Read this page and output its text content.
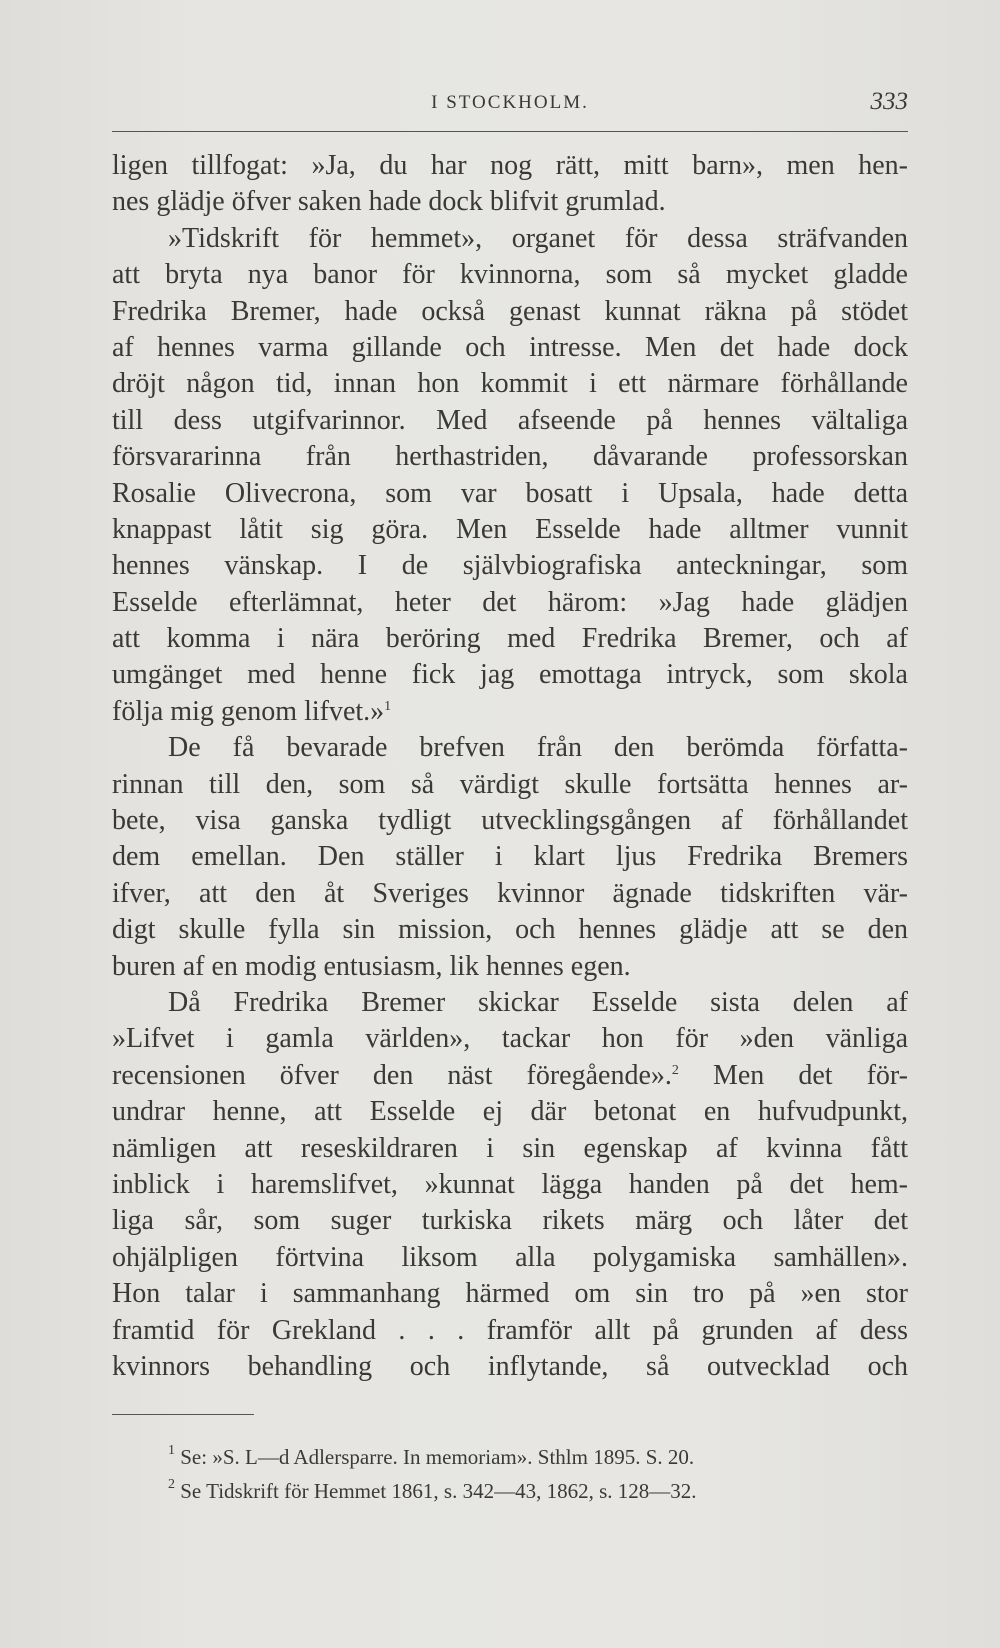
I STOCKHOLM.	333
ligen tillfogat: »Ja, du har nog rätt, mitt barn», men hen-
nes glädje öfver saken hade dock blifvit grumlad.
»Tidskrift för hemmet», organet för dessa sträfvanden
att bryta nya banor för kvinnorna, som så mycket gladde
Fredrika Bremer, hade också genast kunnat räkna på stödet
af hennes varma gillande och intresse. Men det hade dock
dröjt någon tid, innan hon kommit i ett närmare förhållande
till dess utgifvarinnor. Med afseende på hennes vältaliga
försvararinna från herthastriden, dåvarande professorskan
Rosalie Olivecrona, som var bosatt i Upsala, hade detta
knappast låtit sig göra. Men Esselde hade alltmer vunnit
hennes vänskap. I de självbiografiska anteckningar, som
Esselde efterlämnat, heter det härom: »Jag hade glädjen
att komma i nära beröring med Fredrika Bremer, och af
umgänget med henne fick jag emottaga intryck, som skola
följa mig genom lifvet.»$^1$
De få bevarade brefven från den berömda författa-
rinnan till den, som så värdigt skulle fortsätta hennes ar-
bete, visa ganska tydligt utvecklingsgången af förhållandet
dem emellan. Den ställer i klart ljus Fredrika Bremers
ifver, att den åt Sveriges kvinnor ägnade tidskriften vär-
digt skulle fylla sin mission, och hennes glädje att se den
buren af en modig entusiasm, lik hennes egen.
Då Fredrika Bremer skickar Esselde sista delen af
»Lifvet i gamla världen», tackar hon för »den vänliga
recensionen öfver den näst föregående».$^2$ Men det för-
undrar henne, att Esselde ej där betonat en hufvudpunkt,
nämligen att reseskildraren i sin egenskap af kvinna fått
inblick i haremslifvet, »kunnat lägga handen på det hem-
liga sår, som suger turkiska rikets märg och låter det
ohjälpligen förtvina liksom alla polygamiska samhällen».
Hon talar i sammanhang härmed om sin tro på »en stor
framtid för Grekland . . . framför allt på grunden af dess
kvinnors behandling och inflytande, så outvecklad och
$^1$ Se: »S. L—d Adlersparre. In memoriam». Sthlm 1895. S. 20.
$^2$ Se Tidskrift för Hemmet 1861, s. 342—43, 1862, s. 128—32.
